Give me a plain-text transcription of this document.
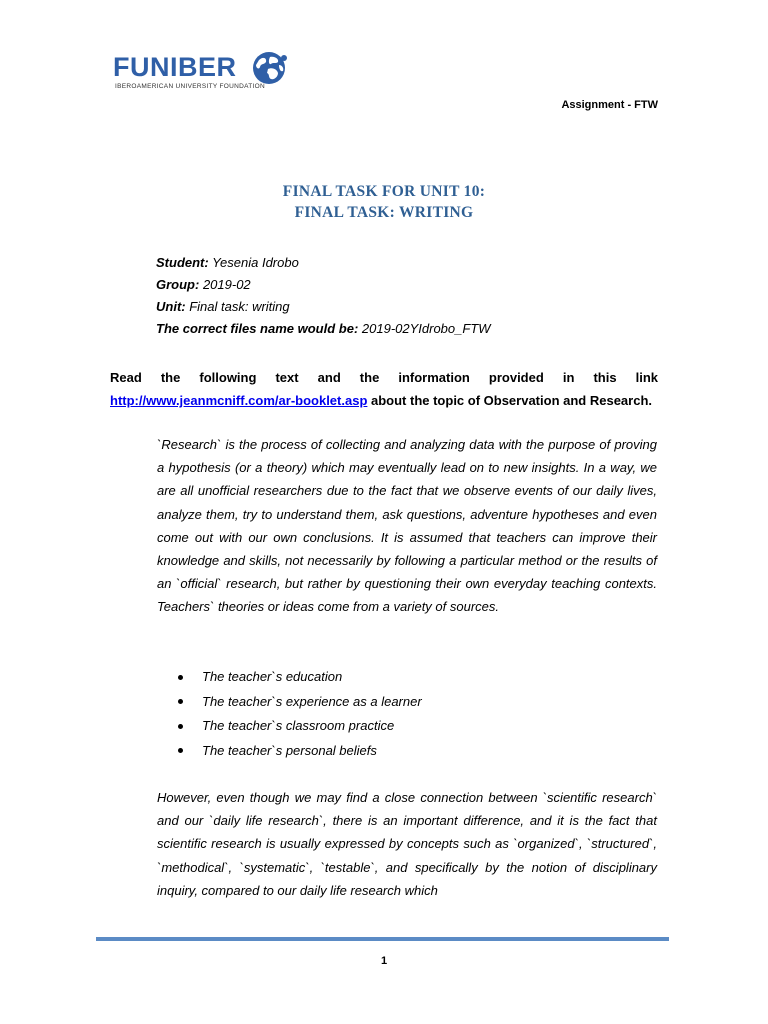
FUNIBER
IBEROAMERICAN UNIVERSITY FOUNDATION
Assignment - FTW
FINAL TASK FOR UNIT 10:
FINAL TASK: WRITING
Student: Yesenia Idrobo
Group: 2019-02
Unit: Final task: writing
The correct files name would be: 2019-02YIdrobo_FTW
Read the following text and the information provided in this link http://www.jeanmcniff.com/ar-booklet.asp about the topic of Observation and Research.
`Research` is the process of collecting and analyzing data with the purpose of proving a hypothesis (or a theory) which may eventually lead on to new insights. In a way, we are all unofficial researchers due to the fact that we observe events of our daily lives, analyze them, try to understand them, ask questions, adventure hypotheses and even come out with our own conclusions. It is assumed that teachers can improve their knowledge and skills, not necessarily by following a particular method or the results of an `official` research, but rather by questioning their own everyday teaching contexts. Teachers` theories or ideas come from a variety of sources.
The teacher`s education
The teacher`s experience as a learner
The teacher`s classroom practice
The teacher`s personal beliefs
However, even though we may find a close connection between `scientific research` and our `daily life research`, there is an important difference, and it is the fact that scientific research is usually expressed by concepts such as `organized`, `structured`, `methodical`, `systematic`, `testable`, and specifically by the notion of disciplinary inquiry, compared to our daily life research which
1
